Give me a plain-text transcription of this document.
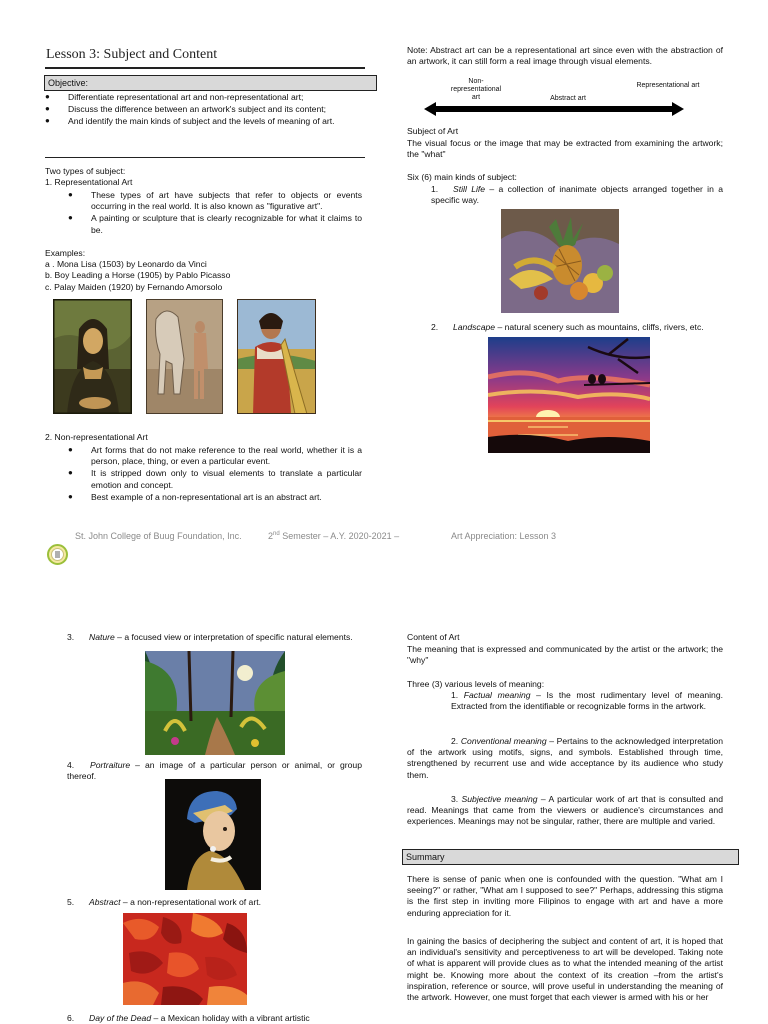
Lesson 3: Subject and Content
Objective:
● Differentiate representational art and non-representational art;
● Discuss the difference between an artwork's subject and its content;
● And identify the main kinds of subject and the levels of meaning of art.
Two types of subject:
1. Representational Art
● These types of art have subjects that refer to objects or events occurring in the real world. It is also known as "figurative art".
● A painting or sculpture that is clearly recognizable for what it claims to be.
Examples:
a . Mona Lisa (1503) by Leonardo da Vinci
b. Boy Leading a Horse (1905) by Pablo Picasso
c. Palay Maiden (1920) by Fernando Amorsolo
2. Non-representational Art
● Art forms that do not make reference to the real world, whether it is a person, place, thing, or even a particular event.
● It is stripped down only to visual elements to translate a particular emotion and concept.
● Best example of a non-representational art is an abstract art.
Note: Abstract art can be a representational art since even with the abstraction of an artwork, it can still form a real image through visual elements.
Non-representational art
Representational art
Abstract art
Subject of Art
The visual focus or the image that may be extracted from examining the artwork; the "what"
Six (6) main kinds of subject:
1. Still Life – a collection of inanimate objects arranged together in a specific way.
2. Landscape – natural scenery such as mountains, cliffs, rivers, etc.
St. John College of Buug Foundation, Inc.	2nd Semester – A.Y. 2020-2021 –	Art Appreciation: Lesson 3
3. Nature – a focused view or interpretation of specific natural elements.
4. Portraiture – an image of a particular person or animal, or group thereof.
5. Abstract – a non-representational work of art.
6. Day of the Dead – a Mexican holiday with a vibrant artistic
Content of Art
The meaning that is expressed and communicated by the artist or the artwork; the "why"
Three (3) various levels of meaning:
1. Factual meaning – Is the most rudimentary level of meaning. Extracted from the identifiable or recognizable forms in the artwork.
2. Conventional meaning – Pertains to the acknowledged interpretation of the artwork using motifs, signs, and symbols. Established through time, strengthened by recurrent use and wide acceptance by its audience who study them.
3. Subjective meaning – A particular work of art that is consulted and read. Meanings that came from the viewers or audience's circumstances and experiences. Meanings may not be singular, rather, there are multiple and varied.
Summary
There is sense of panic when one is confounded with the question. "What am I seeing?" or rather, "What am I supposed to see?" Perhaps, addressing this stigma is the first step in inviting more Filipinos to engage with art and have a more enduring appreciation for it.
In gaining the basics of deciphering the subject and content of art, it is hoped that an individual's sensitivity and perceptiveness to art will be developed. Taking note of what is apparent will provide clues as to what the intended meaning of the artist might be. Knowing more about the context of its creation –from the artist's inspiration, reference or source, will prove useful in understanding the meaning of the artwork. However, one must forget that each viewer is armed with his or her
